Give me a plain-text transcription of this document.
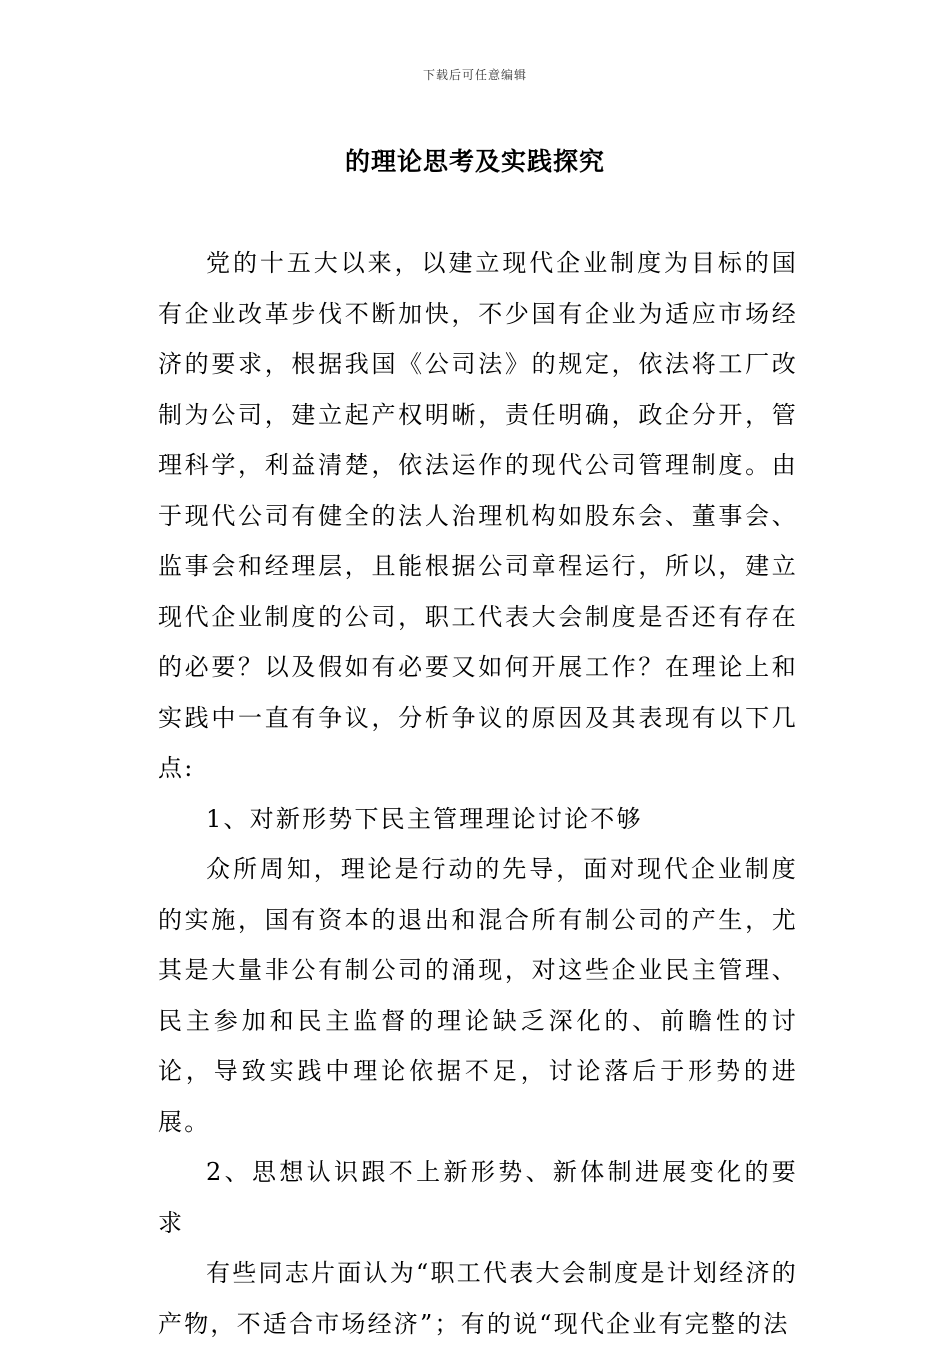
下载后可任意编辑
的理论思考及实践探究

党的十五大以来，以建立现代企业制度为目标的国有企业改革步伐不断加快，不少国有企业为适应市场经济的要求，根据我国《公司法》的规定，依法将工厂改制为公司，建立起产权明晰，责任明确，政企分开，管理科学，利益清楚，依法运作的现代公司管理制度。由于现代公司有健全的法人治理机构如股东会、董事会、监事会和经理层，且能根据公司章程运行，所以，建立现代企业制度的公司，职工代表大会制度是否还有存在的必要？以及假如有必要又如何开展工作？在理论上和实践中一直有争议，分析争议的原因及其表现有以下几点:

1、对新形势下民主管理理论讨论不够

众所周知，理论是行动的先导，面对现代企业制度的实施，国有资本的退出和混合所有制公司的产生，尤其是大量非公有制公司的涌现，对这些企业民主管理、民主参加和民主监督的理论缺乏深化的、前瞻性的讨论，导致实践中理论依据不足，讨论落后于形势的进展。

2、思想认识跟不上新形势、新体制进展变化的要求

有些同志片面认为“职工代表大会制度是计划经济的产物，不适合市场经济”；有的说“现代企业有完整的法
